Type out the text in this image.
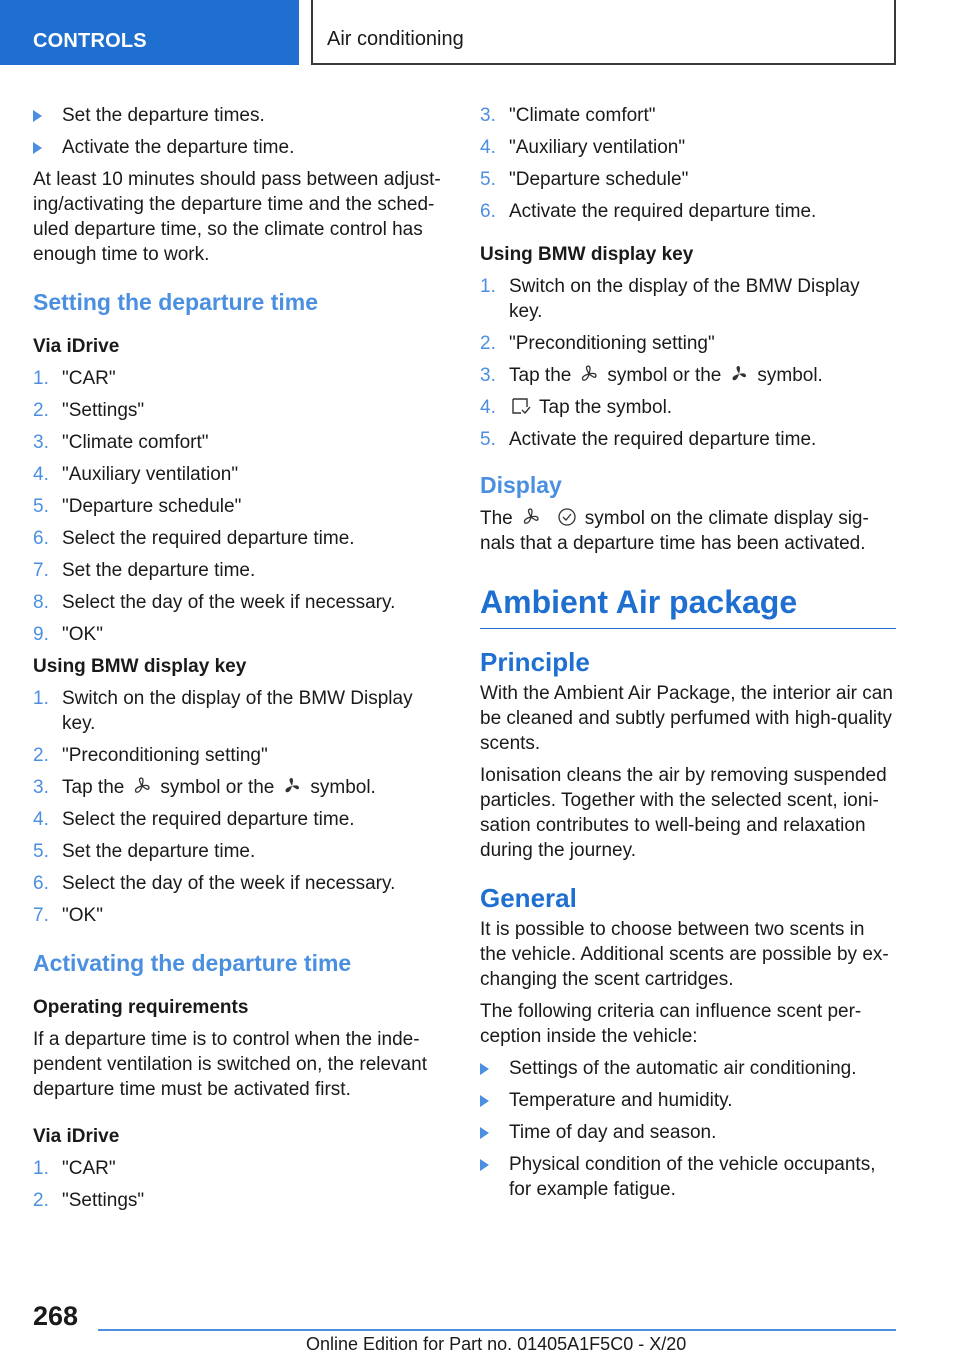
CONTROLS	Air conditioning
Set the departure times.
Activate the departure time.

At least 10 minutes should pass between adjusting/activating the departure time and the scheduled departure time, so the climate control has enough time to work.

Setting the departure time
Via iDrive
1. "CAR"
2. "Settings"
3. "Climate comfort"
4. "Auxiliary ventilation"
5. "Departure schedule"
6. Select the required departure time.
7. Set the departure time.
8. Select the day of the week if necessary.
9. "OK"
Using BMW display key
1. Switch on the display of the BMW Display key.
2. "Preconditioning setting"
3. Tap the symbol or the symbol.
4. Select the required departure time.
5. Set the departure time.
6. Select the day of the week if necessary.
7. "OK"
Activating the departure time
Operating requirements

If a departure time is to control when the independent ventilation is switched on, the relevant departure time must be activated first.

Via iDrive
1. "CAR"
2. "Settings"
3. "Climate comfort"
4. "Auxiliary ventilation"
5. "Departure schedule"
6. Activate the required departure time.
Using BMW display key
1. Switch on the display of the BMW Display key.
2. "Preconditioning setting"
3. Tap the symbol or the symbol.
4. Tap the symbol.
5. Activate the required departure time.
Display

The	symbol on the climate display signals that a departure time has been activated.

Ambient Air package
Principle

With the Ambient Air Package, the interior air can be cleaned and subtly perfumed with high-quality scents.

Ionisation cleans the air by removing suspended particles. Together with the selected scent, ionisation contributes to well-being and relaxation during the journey.

General

It is possible to choose between two scents in the vehicle. Additional scents are possible by exchanging the scent cartridges.

The following criteria can influence scent perception inside the vehicle:

Settings of the automatic air conditioning.
Temperature and humidity.
Time of day and season.
Physical condition of the vehicle occupants, for example fatigue.
268
Online Edition for Part no. 01405A1F5C0 - X/20
